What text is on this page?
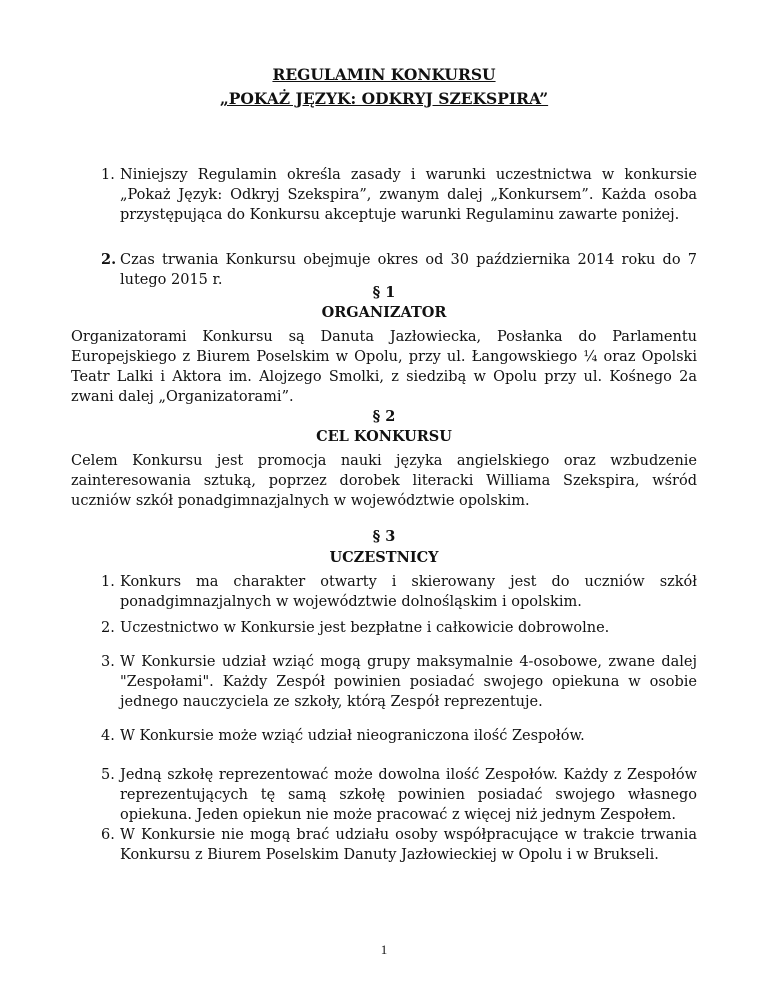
REGULAMIN KONKURSU
„POKAŻ JĘZYK: ODKRYJ SZEKSPIRA”
1. Niniejszy Regulamin określa zasady i warunki uczestnictwa w konkursie „Pokaż Język: Odkryj Szekspira”, zwanym dalej „Konkursem”. Każda osoba przystępująca do Konkursu akceptuje warunki Regulaminu zawarte poniżej.
2. Czas trwania Konkursu obejmuje okres od 30 października 2014 roku do 7 lutego 2015 r.
§ 1
ORGANIZATOR
Organizatorami Konkursu są Danuta Jazłowiecka, Posłanka do Parlamentu Europejskiego z Biurem Poselskim w Opolu, przy ul. Łangowskiego ¼ oraz Opolski Teatr Lalki i Aktora im. Alojzego Smolki, z siedzibą w Opolu przy ul. Kośnego 2a zwani dalej „Organizatorami”.
§ 2
CEL KONKURSU
Celem Konkursu jest promocja nauki języka angielskiego oraz wzbudzenie zainteresowania sztuką, poprzez dorobek literacki Williama Szekspira, wśród uczniów szkół ponadgimnazjalnych w województwie opolskim.
§ 3
UCZESTNICY
1. Konkurs ma charakter otwarty i skierowany jest do uczniów szkół ponadgimnazjalnych w województwie dolnośląskim i opolskim.
2. Uczestnictwo w Konkursie jest bezpłatne i całkowicie dobrowolne.
3. W Konkursie udział wziąć mogą grupy maksymalnie 4-osobowe, zwane dalej "Zespołami". Każdy Zespół powinien posiadać swojego opiekuna w osobie jednego nauczyciela ze szkoły, którą Zespół reprezentuje.
4. W Konkursie może wziąć udział nieograniczona ilość Zespołów.
5. Jedną szkołę reprezentować może dowolna ilość Zespołów. Każdy z Zespołów reprezentujących tę samą szkołę powinien posiadać swojego własnego opiekuna. Jeden opiekun nie może pracować z więcej niż jednym Zespołem.
6. W Konkursie nie mogą brać udziału osoby współpracujące w trakcie trwania Konkursu z Biurem Poselskim Danuty Jazłowieckiej w Opolu i w Brukseli.
1
